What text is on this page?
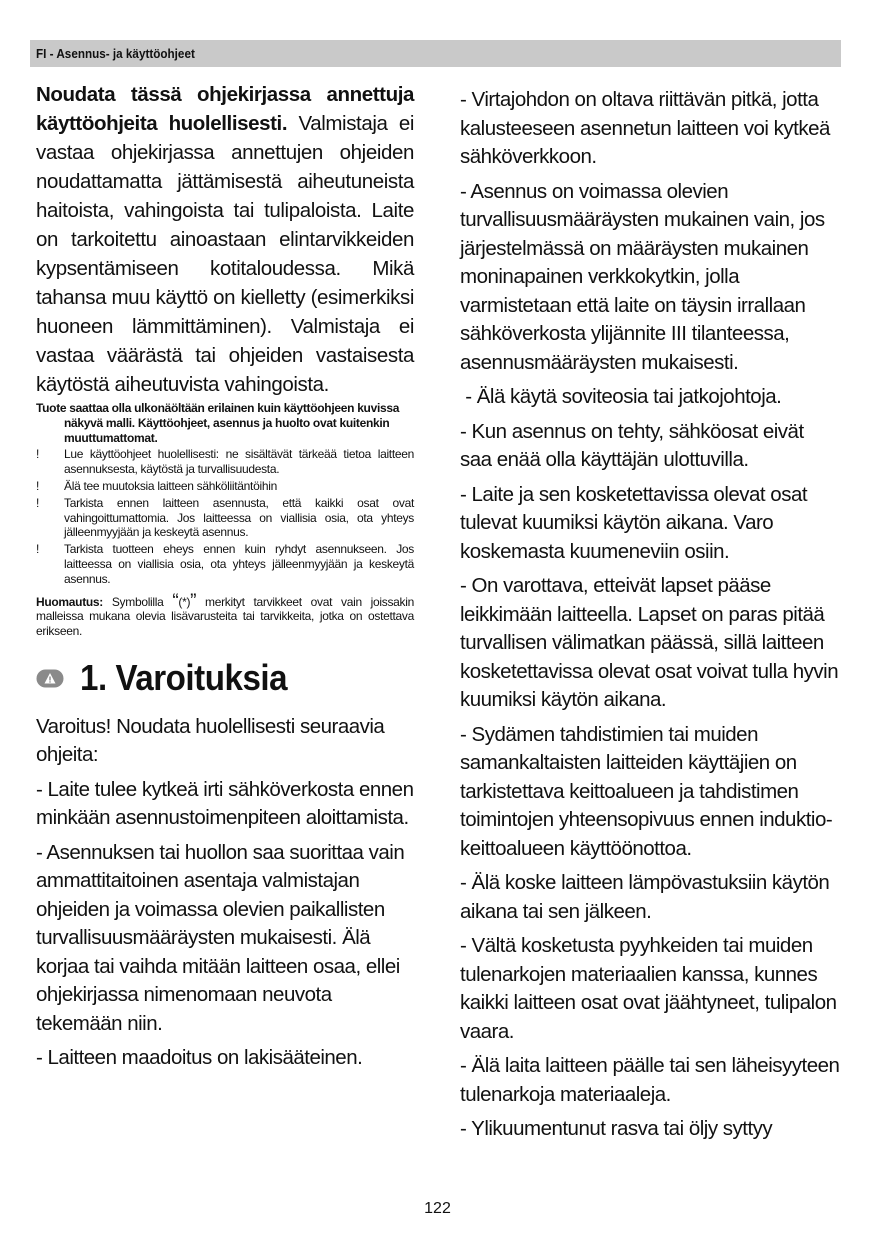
FI - Asennus- ja käyttöohjeet

Noudata tässä ohjekirjassa annettuja käyttöohjeita huolellisesti. Valmistaja ei vastaa ohjekirjassa annettujen ohjeiden noudattamatta jättämisestä aiheutuneista haitoista, vahingoista tai tulipaloista. Laite on tarkoitettu ainoastaan elintarvikkeiden kypsentämiseen kotitaloudessa. Mikä tahansa muu käyttö on kielletty (esimerkiksi huoneen lämmittäminen). Valmistaja ei vastaa väärästä tai ohjeiden vastaisesta käytöstä aiheutuvista vahingoista.

Tuote saattaa olla ulkonäöltään erilainen kuin käyttöohjeen kuvissa näkyvä malli. Käyttöohjeet, asennus ja huolto ovat kuitenkin muuttumattomat.
!	Lue käyttöohjeet huolellisesti: ne sisältävät tärkeää tietoa laitteen asennuksesta, käytöstä ja turvallisuudesta.
!	Älä tee muutoksia laitteen sähköliitäntöihin
!	Tarkista ennen laitteen asennusta, että kaikki osat ovat vahingoittumattomia. Jos laitteessa on viallisia osia, ota yhteys jälleenmyyjään ja keskeytä asennus.
!	Tarkista tuotteen eheys ennen kuin ryhdyt asennukseen. Jos laitteessa on viallisia osia, ota yhteys jälleenmyyjään ja keskeytä asennus.
Huomautus: Symbolilla “(*)” merkityt tarvikkeet ovat vain joissakin malleissa mukana olevia lisävarusteita tai tarvikkeita, jotka on ostettava erikseen.
1. Varoituksia

Varoitus! Noudata huolellisesti seuraavia ohjeita:

- Laite tulee kytkeä irti sähköverkosta ennen minkään asennustoimenpiteen aloittamista.

- Asennuksen tai huollon saa suorittaa vain ammattitaitoinen asentaja valmistajan ohjeiden ja voimassa olevien paikallisten turvallisuusmääräysten mukaisesti. Älä korjaa tai vaihda mitään laitteen osaa, ellei ohjekirjassa nimenomaan neuvota tekemään niin.

- Laitteen maadoitus on lakisääteinen.

- Virtajohdon on oltava riittävän pitkä, jotta kalusteeseen asennetun laitteen voi kytkeä sähköverkkoon.

- Asennus on voimassa olevien turvallisuusmääräysten mukainen vain, jos järjestelmässä on määräysten mukainen moninapainen verkkokytkin, jolla varmistetaan että laite on täysin irrallaan sähköverkosta ylijännite III tilanteessa, asennusmääräysten mukaisesti.

- Älä käytä soviteosia tai jatkojohtoja.

- Kun asennus on tehty, sähköosat eivät saa enää olla käyttäjän ulottuvilla.

- Laite ja sen kosketettavissa olevat osat tulevat kuumiksi käytön aikana. Varo koskemasta kuumeneviin osiin.

- On varottava, etteivät lapset pääse leikkimään laitteella. Lapset on paras pitää turvallisen välimatkan päässä, sillä laitteen kosketettavissa olevat osat voivat tulla hyvin kuumiksi käytön aikana.

- Sydämen tahdistimien tai muiden samankaltaisten laitteiden käyttäjien on tarkistettava keittoalueen ja tahdistimen toimintojen yhteensopivuus ennen induktio-keittoalueen käyttöönottoa.

- Älä koske laitteen lämpövastuksiin käytön aikana tai sen jälkeen.

- Vältä kosketusta pyyhkeiden tai muiden tulenarkojen materiaalien kanssa, kunnes kaikki laitteen osat ovat jäähtyneet, tulipalon vaara.

- Älä laita laitteen päälle tai sen läheisyyteen tulenarkoja materiaaleja.

- Ylikuumentunut rasva tai öljy syttyy

122
